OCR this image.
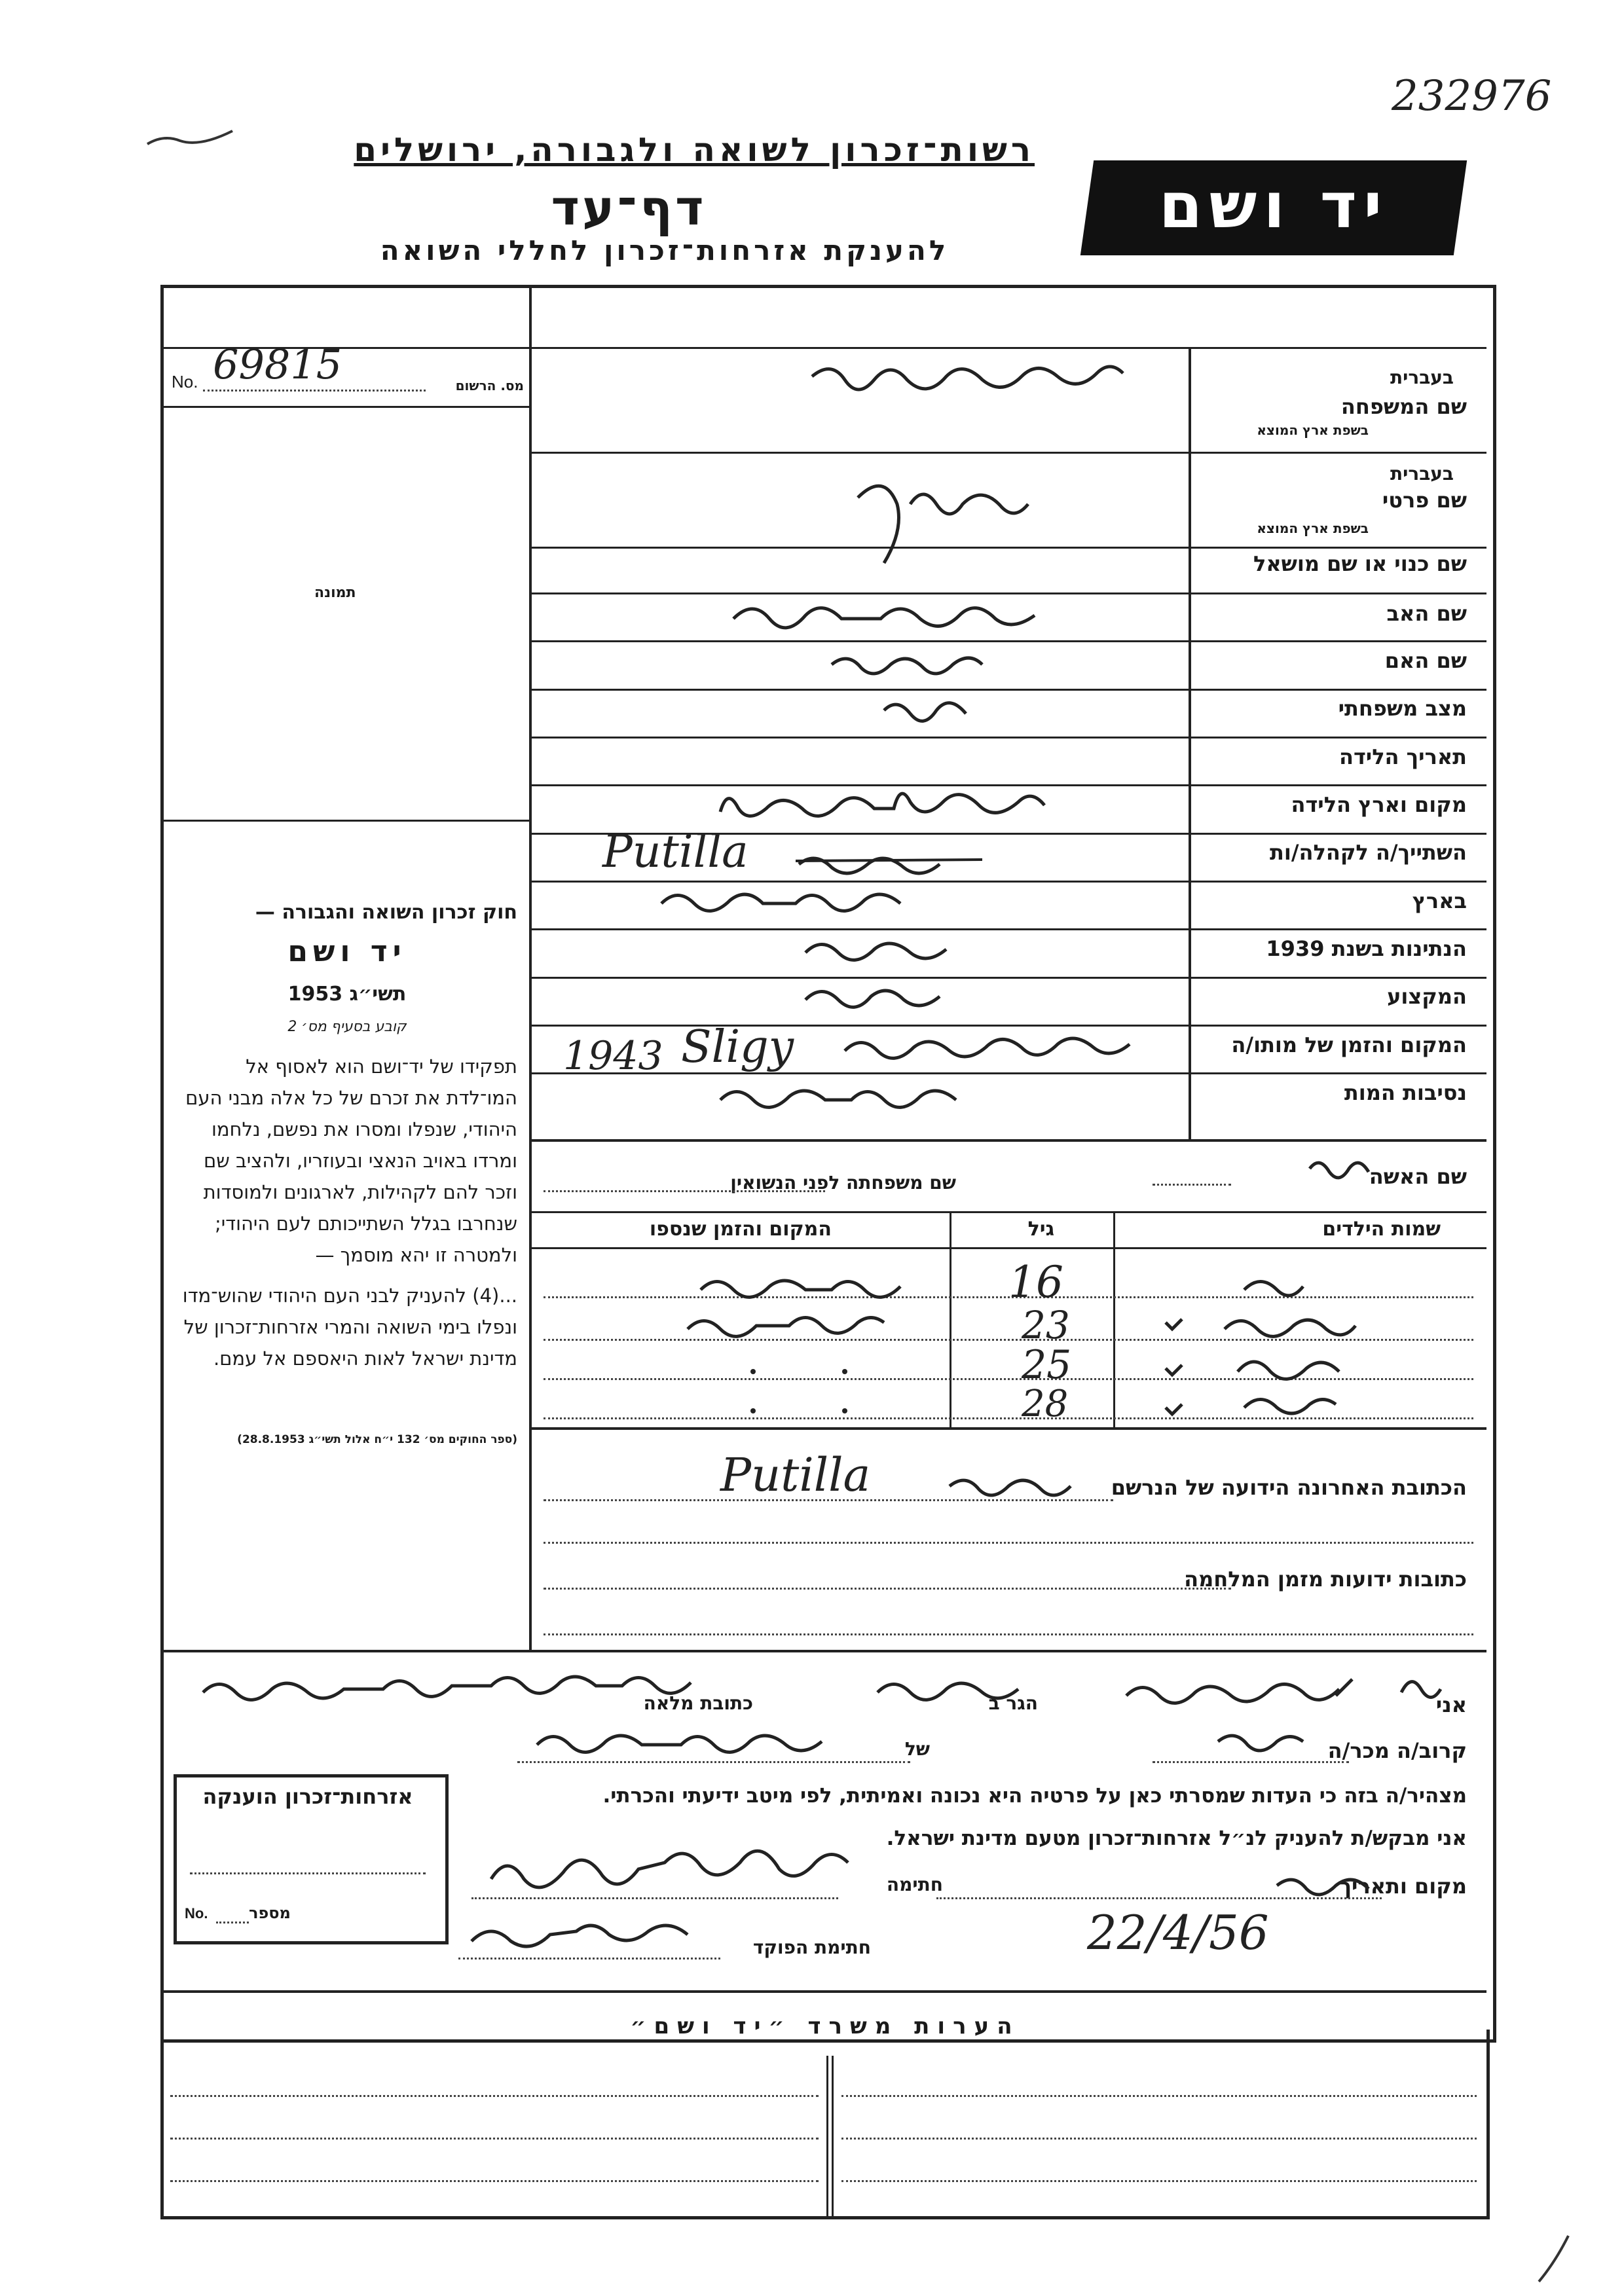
232976
רשות־זכרון לשואה ולגבורה, ירושלים
דף־עד
להענקת אזרחות־זכרון לחללי השואה
יד ושם
No. 69815	מס. הרשום
תמונה
בעברית
שם המשפחה
בשפת ארץ המוצא
בעברית
שם פרטי
בשפת ארץ המוצא
שם כנוי או שם מושאל
שם האב
שם האם
מצב משפחתי
תאריך הלידה
מקום וארץ הלידה
השתייך/ה לקהלה/ות
בארץ
הנתינות בשנת 1939
המקצוע
המקום והזמן של מותו/ה
נסיבות המות
Putilla
1943 Sligy
חוק זכרון השואה והגבורה —
יד ושם
תשי״ג 1953
קובע בסעיף מס׳ 2
תפקידו של יד־ושם הוא לאסוף אל המו־לדת את זכרם של כל אלה מבני העם היהודי, שנפלו ומסרו את נפשם, נלחמו ומרדו באויב הנאצי ובעוזריו, ולהציב שם וזכר להם לקהילות, לארגונים ולמוסדות שנחרבו בגלל השתייכותם לעם היהודי; ולמטרה זו יהא מוסמך —
...(4) להעניק לבני העם היהודי שהוש־מדו ונפלו בימי השואה והמרי אזרחות־זכרון של מדינת ישראל לאות היאספם אל עמם.
(ספר החוקים מס׳ 132 י״ח אלול תשי״ג 28.8.1953)
שם האשה
שם משפחתה לפני הנשואין
שמות הילדים
גיל
המקום והזמן שנספו
16
23
25
28
הכתובת האחרונה הידועה של הנרשם
Putilla
כתובות ידועות מזמן המלחמה
אני
הגר ב
כתובת מלאה
קרוב/ה מכר/ה
של
מצהיר/ה בזה כי העדות שמסרתי כאן על פרטיה היא נכונה ואמיתית, לפי מיטב ידיעתי והכרתי.
אני מבקש/ת להעניק לנ״ל אזרחות־זכרון מטעם מדינת ישראל.
מקום ותאריך
חתימה
22/4/56
חתימת הפוקד
אזרחות־זכרון הוענקה
מספר
No.
הערות משרד ״יד ושם״
